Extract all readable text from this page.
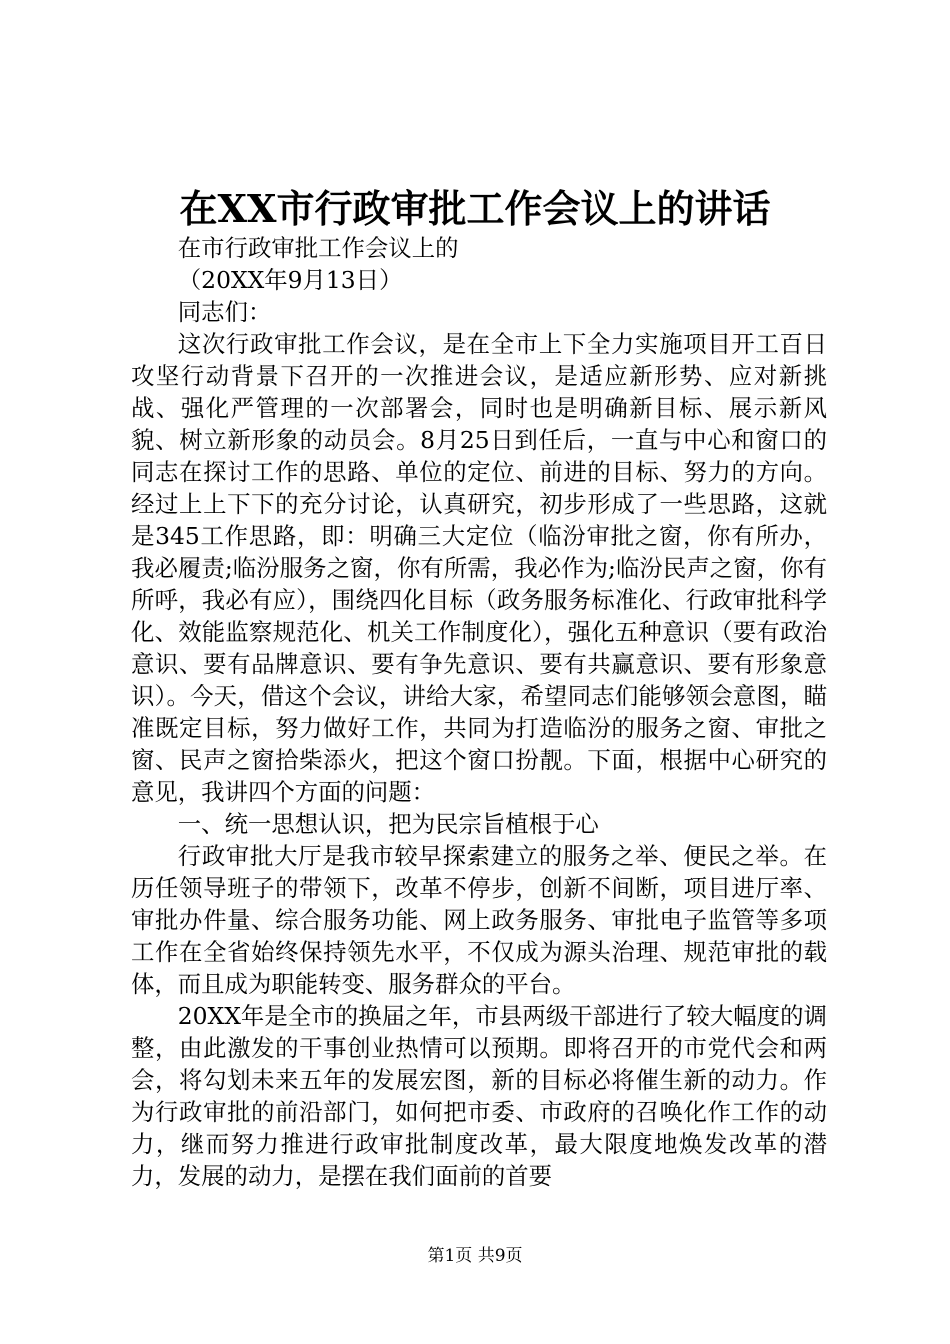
在XX市行政审批工作会议上的讲话

在市行政审批工作会议上的

（20XX年9月13日）

同志们：

这次行政审批工作会议，是在全市上下全力实施项目开工百日攻坚行动背景下召开的一次推进会议，是适应新形势、应对新挑战、强化严管理的一次部署会，同时也是明确新目标、展示新风貌、树立新形象的动员会。8月25日到任后，一直与中心和窗口的同志在探讨工作的思路、单位的定位、前进的目标、努力的方向。经过上上下下的充分讨论，认真研究，初步形成了一些思路，这就是345工作思路，即：明确三大定位（临汾审批之窗，你有所办，我必履责;临汾服务之窗，你有所需，我必作为;临汾民声之窗，你有所呼，我必有应），围绕四化目标（政务服务标准化、行政审批科学化、效能监察规范化、机关工作制度化），强化五种意识（要有政治意识、要有品牌意识、要有争先意识、要有共赢意识、要有形象意识）。今天，借这个会议，讲给大家，希望同志们能够领会意图，瞄准既定目标，努力做好工作，共同为打造临汾的服务之窗、审批之窗、民声之窗拾柴添火，把这个窗口扮靓。下面，根据中心研究的意见，我讲四个方面的问题：

一、统一思想认识，把为民宗旨植根于心

行政审批大厅是我市较早探索建立的服务之举、便民之举。在历任领导班子的带领下，改革不停步，创新不间断，项目进厅率、审批办件量、综合服务功能、网上政务服务、审批电子监管等多项工作在全省始终保持领先水平，不仅成为源头治理、规范审批的载体，而且成为职能转变、服务群众的平台。

20XX年是全市的换届之年，市县两级干部进行了较大幅度的调整，由此激发的干事创业热情可以预期。即将召开的市党代会和两会，将勾划未来五年的发展宏图，新的目标必将催生新的动力。作为行政审批的前沿部门，如何把市委、市政府的召唤化作工作的动力，继而努力推进行政审批制度改革，最大限度地焕发改革的潜力，发展的动力，是摆在我们面前的首要

第1页 共9页
